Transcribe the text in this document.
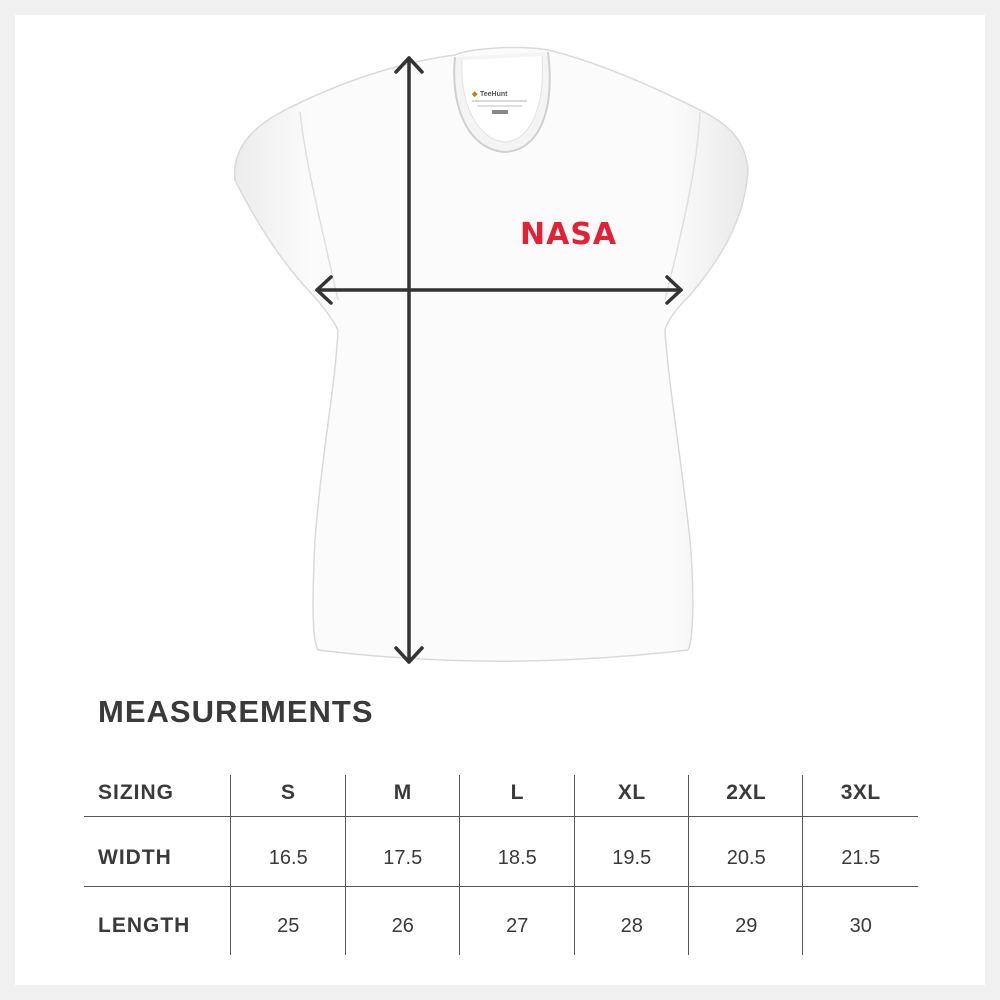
◆ TeeHunt
NASA
MEASUREMENTS
SIZING	S	M	L	XL	2XL	3XL
WIDTH	16.5	17.5	18.5	19.5	20.5	21.5
LENGTH	25	26	27	28	29	30
